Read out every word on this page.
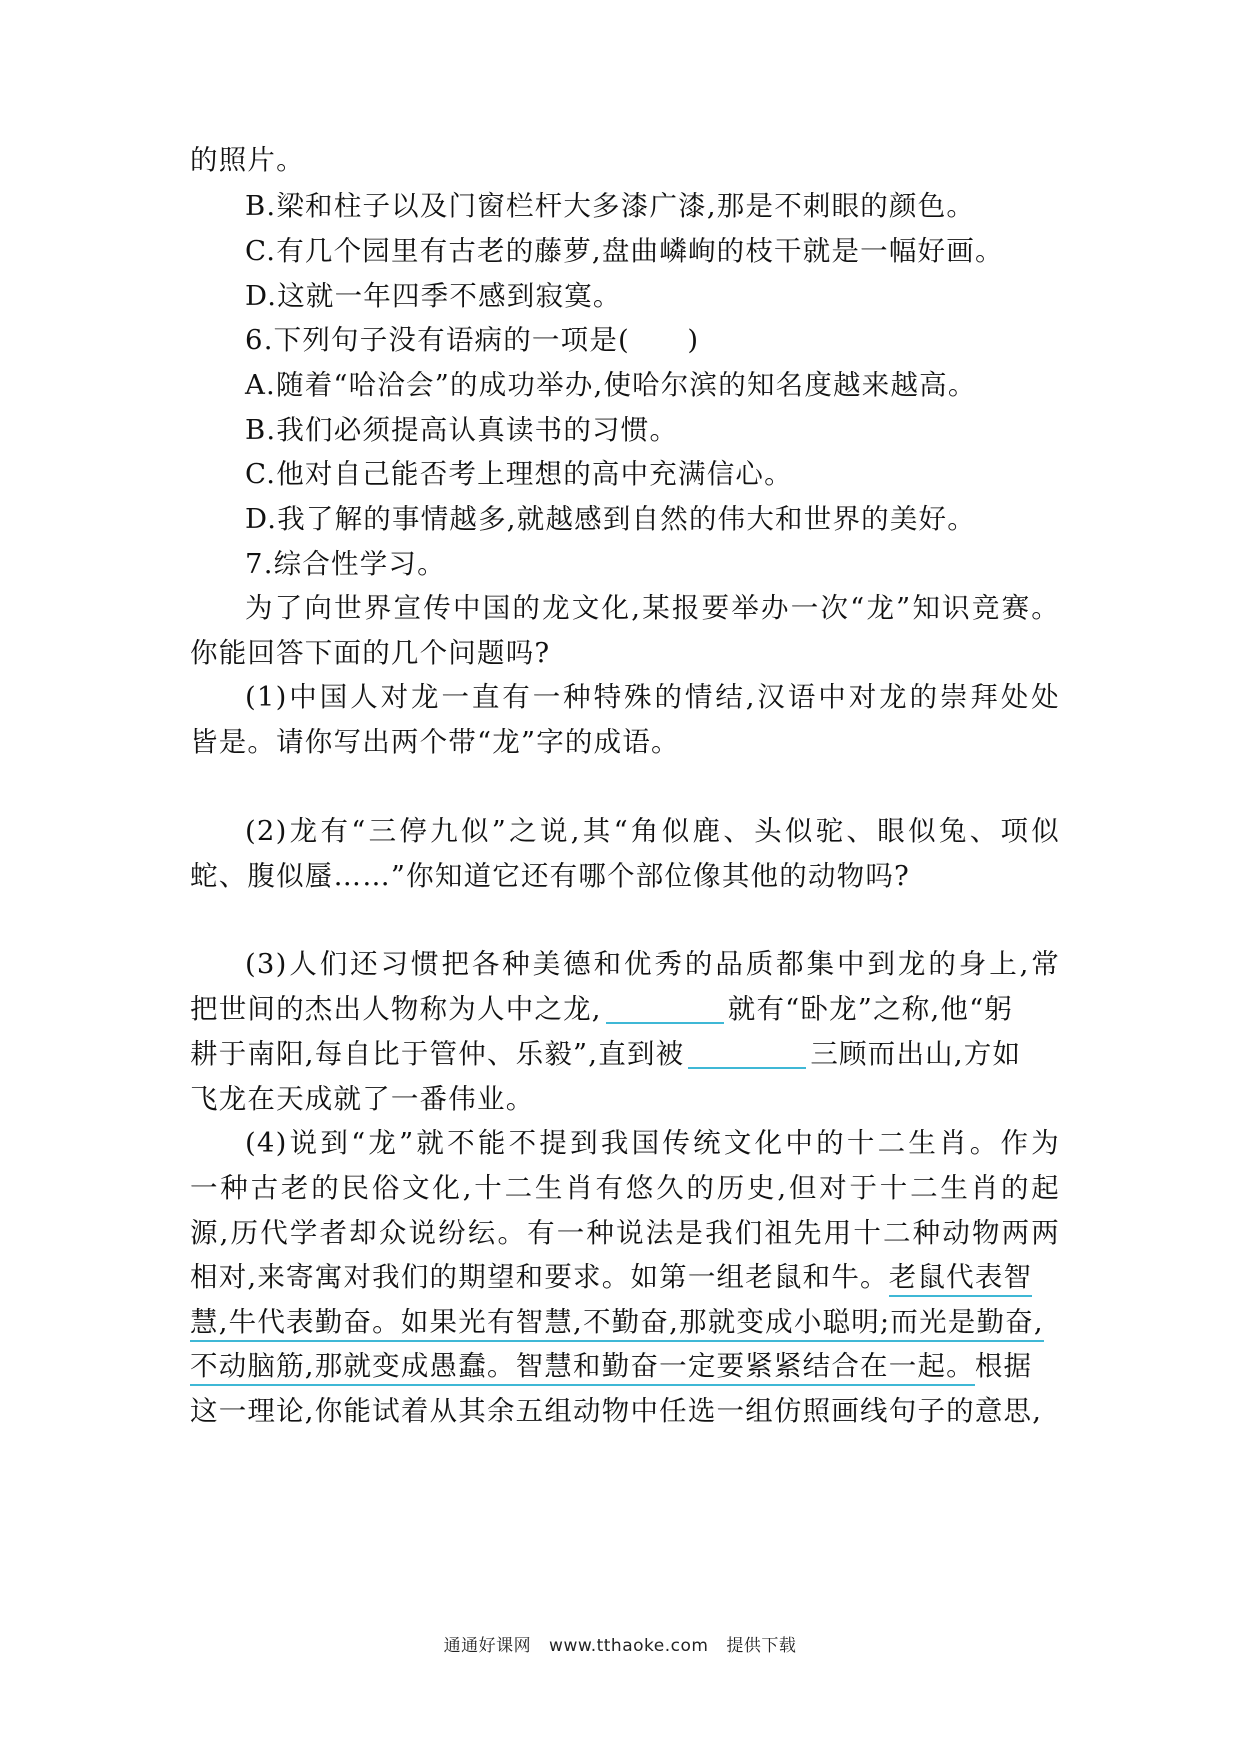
的照片。
B.梁和柱子以及门窗栏杆大多漆广漆,那是不刺眼的颜色。
C.有几个园里有古老的藤萝,盘曲嶙峋的枝干就是一幅好画。
D.这就一年四季不感到寂寞。
6.下列句子没有语病的一项是(　　)
A.随着“哈洽会”的成功举办,使哈尔滨的知名度越来越高。
B.我们必须提高认真读书的习惯。
C.他对自己能否考上理想的高中充满信心。
D.我了解的事情越多,就越感到自然的伟大和世界的美好。
7.综合性学习。
为了向世界宣传中国的龙文化,某报要举办一次“龙”知识竞赛。
你能回答下面的几个问题吗?
(1)中国人对龙一直有一种特殊的情结,汉语中对龙的崇拜处处
皆是。请你写出两个带“龙”字的成语。
(2)龙有“三停九似”之说,其“角似鹿、头似驼、眼似兔、项似
蛇、腹似蜃……”你知道它还有哪个部位像其他的动物吗?
(3)人们还习惯把各种美德和优秀的品质都集中到龙的身上,常
把世间的杰出人物称为人中之龙,	就有“卧龙”之称,他“躬
耕于南阳,每自比于管仲、乐毅”,直到被	三顾而出山,方如
飞龙在天成就了一番伟业。
(4)说到“龙”就不能不提到我国传统文化中的十二生肖。作为
一种古老的民俗文化,十二生肖有悠久的历史,但对于十二生肖的起
源,历代学者却众说纷纭。有一种说法是我们祖先用十二种动物两两
相对,来寄寓对我们的期望和要求。如第一组老鼠和牛。老鼠代表智
慧,牛代表勤奋。如果光有智慧,不勤奋,那就变成小聪明;而光是勤奋,
不动脑筋,那就变成愚蠢。智慧和勤奋一定要紧紧结合在一起。根据
这一理论,你能试着从其余五组动物中任选一组仿照画线句子的意思,
通通好课网 www.tthaoke.com 提供下载
